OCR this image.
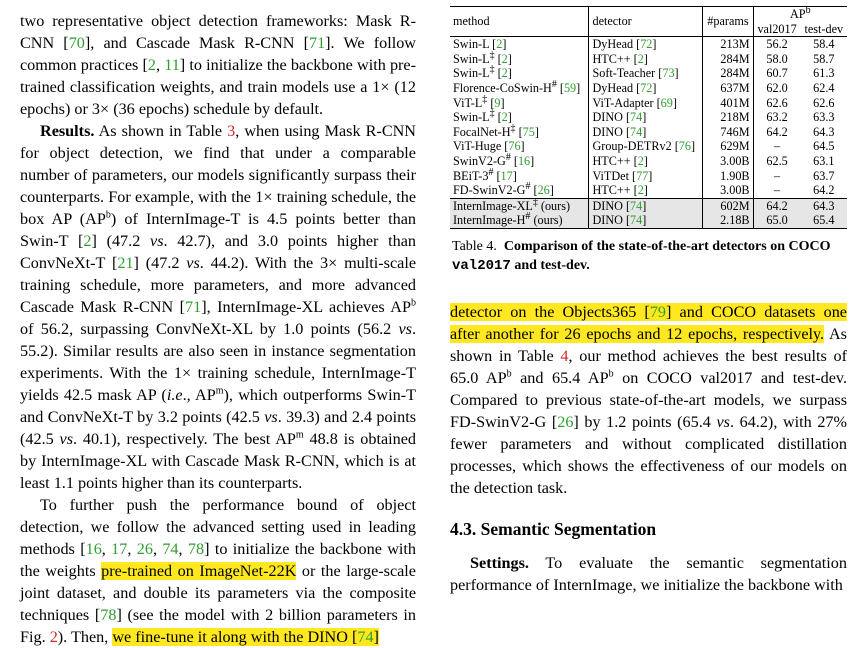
two representative object detection frameworks: Mask R-CNN [70], and Cascade Mask R-CNN [71]. We follow common practices [2, 11] to initialize the backbone with pre-trained classification weights, and train models use a 1× (12 epochs) or 3× (36 epochs) schedule by default.

Results. As shown in Table 3, when using Mask R-CNN for object detection, we find that under a comparable number of parameters, our models significantly surpass their counterparts. For example, with the 1× training schedule, the box AP $(AP^b)$ of InternImage-T is 4.5 points better than Swin-T [2] (47.2 vs. 42.7), and 3.0 points higher than ConvNeXt-T [21] (47.2 vs. 44.2). With the 3× multi-scale training schedule, more parameters, and more advanced Cascade Mask R-CNN [71], InternImage-XL achieves $AP^b$ of 56.2, surpassing ConvNeXt-XL by 1.0 points (56.2 vs. 55.2). Similar results are also seen in instance segmentation experiments. With the 1× training schedule, InternImage-T yields 42.5 mask AP (i.e., $AP^m$), which outperforms Swin-T and ConvNeXt-T by 3.2 points (42.5 vs. 39.3) and 2.4 points (42.5 vs. 40.1), respectively. The best $AP^m$ 48.8 is obtained by InternImage-XL with Cascade Mask R-CNN, which is at least 1.1 points higher than its counterparts.

To further push the performance bound of object detection, we follow the advanced setting used in leading methods [16, 17, 26, 74, 78] to initialize the backbone with the weights pre-trained on ImageNet-22K or the large-scale joint dataset, and double its parameters via the composite techniques [78] (see the model with 2 billion parameters in Fig. 2). Then, we fine-tune it along with the DINO [74]

method	detector	#params	$AP^b$
			val2017	test-dev
Swin-L [2]	DyHead [72]	213M	56.2	58.4
Swin-L‡ [2]	HTC++ [2]	284M	58.0	58.7
Swin-L‡ [2]	Soft-Teacher [73]	284M	60.7	61.3
Florence-CoSwin-H# [59]	DyHead [72]	637M	62.0	62.4
ViT-L‡ [9]	ViT-Adapter [69]	401M	62.6	62.6
Swin-L‡ [2]	DINO [74]	218M	63.2	63.3
FocalNet-H‡ [75]	DINO [74]	746M	64.2	64.3
ViT-Huge [76]	Group-DETRv2 [76]	629M	–	64.5
SwinV2-G# [16]	HTC++ [2]	3.00B	62.5	63.1
BEiT-3# [17]	ViTDet [77]	1.90B	–	63.7
FD-SwinV2-G# [26]	HTC++ [2]	3.00B	–	64.2
InternImage-XL‡ (ours)	DINO [74]	602M	64.2	64.3
InternImage-H# (ours)	DINO [74]	2.18B	65.0	65.4
Table 4. Comparison of the state-of-the-art detectors on COCO val2017 and test-dev.

detector on the Objects365 [79] and COCO datasets one after another for 26 epochs and 12 epochs, respectively. As shown in Table 4, our method achieves the best results of 65.0 $AP^b$ and 65.4 $AP^b$ on COCO val2017 and test-dev. Compared to previous state-of-the-art models, we surpass FD-SwinV2-G [26] by 1.2 points (65.4 vs. 64.2), with 27% fewer parameters and without complicated distillation processes, which shows the effectiveness of our models on the detection task.

4.3. Semantic Segmentation

Settings. To evaluate the semantic segmentation performance of InternImage, we initialize the backbone with
